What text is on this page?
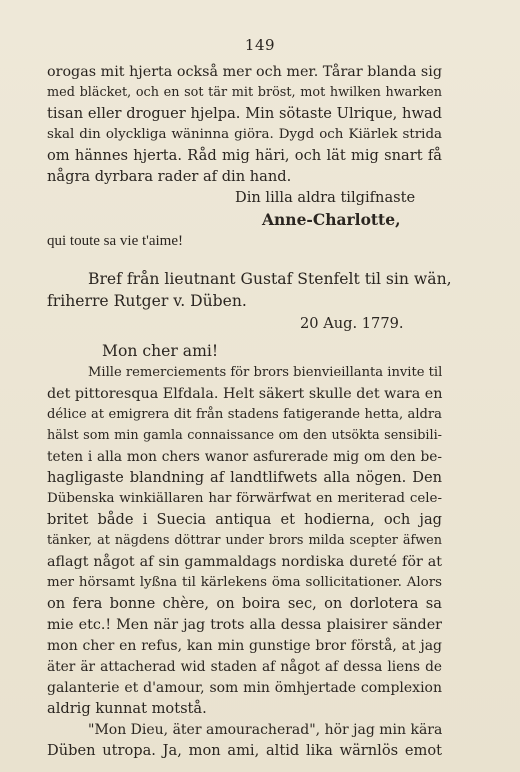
149
orogas mit hjerta också mer och mer. Tårar blanda sig
med bläcket, och en sot tär mit bröst, mot hwilken hwarken
tisan eller droguer hjelpa. Min sötaste Ulrique, hwad
skal din olyckliga wäninna giöra. Dygd och Kiärlek strida
om hännes hjerta. Råd mig häri, och lät mig snart få
några dyrbara rader af din hand.
Din lilla aldra tilgifnaste
Anne-Charlotte,
qui toute sa vie t'aime!
Bref från lieutnant Gustaf Stenfelt til sin wän,
friherre Rutger v. Düben.
20 Aug. 1779.
Mon cher ami!
Mille remerciements för brors bienvieillanta invite til
det pittoresqua Elfdala. Helt säkert skulle det wara en
délice at emigrera dit från stadens fatigerande hetta, aldra
hälst som min gamla connaissance om den utsökta sensibili-
teten i alla mon chers wanor asfurerade mig om den be-
hagligaste blandning af landtlifwets alla nögen. Den
Dübenska winkiällaren har förwärfwat en meriterad cele-
britet både i Suecia antiqua et hodierna, och jag
tänker, at nägdens döttrar under brors milda scepter äfwen
aflagt något af sin gammaldags nordiska dureté för at
mer hörsamt lyßna til kärlekens öma sollicitationer. Alors
on fera bonne chère, on boira sec, on dorlotera sa
mie etc.! Men när jag trots alla dessa plaisirer sänder
mon cher en refus, kan min gunstige bror förstå, at jag
äter är attacherad wid staden af något af dessa liens de
galanterie et d'amour, som min ömhjertade complexion
aldrig kunnat motstå.
"Mon Dieu, äter amouracherad", hör jag min kära
Düben utropa. Ja, mon ami, altid lika wärnlös emot
